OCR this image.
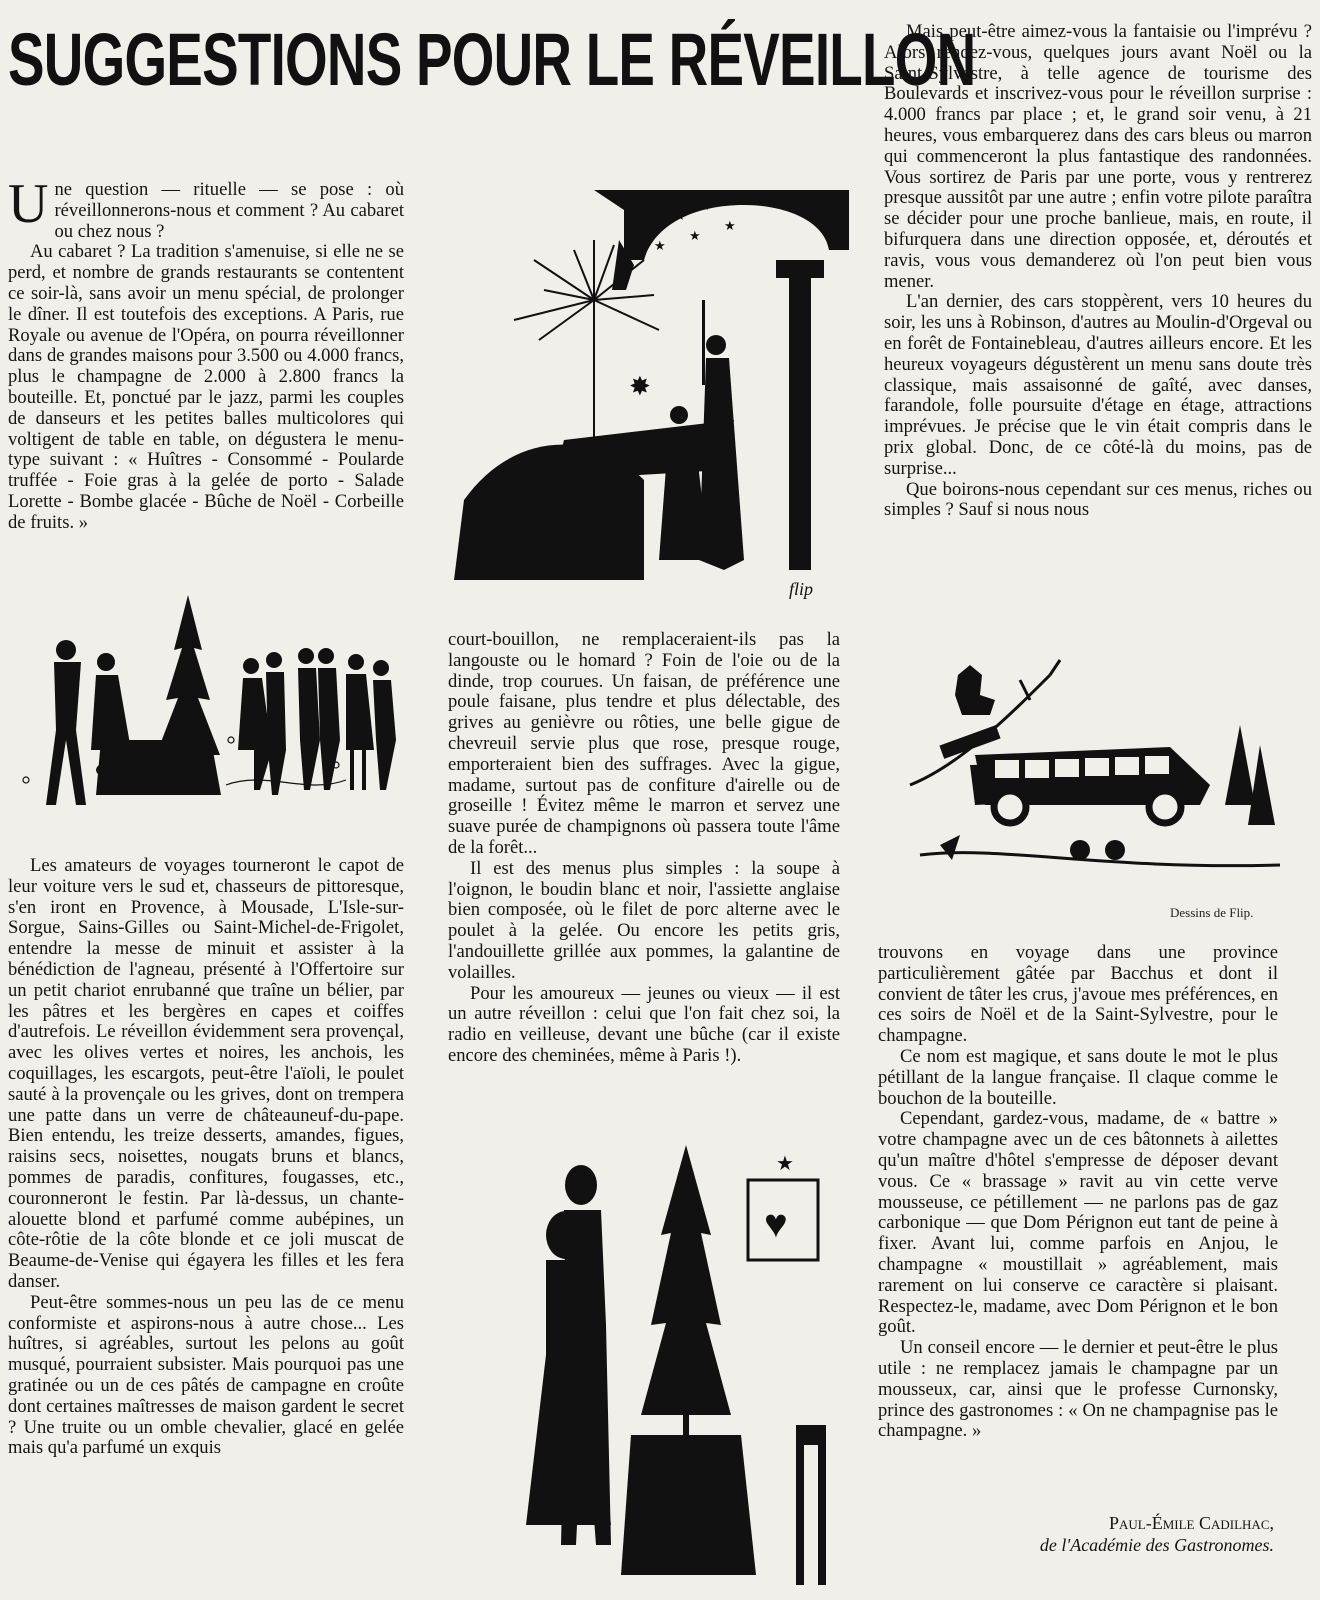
SUGGESTIONS POUR LE RÉVEILLON

Une question — rituelle — se pose : où réveillonnerons-nous et comment ? Au cabaret ou chez nous ?

Au cabaret ? La tradition s'amenuise, si elle ne se perd, et nombre de grands restaurants se contentent ce soir-là, sans avoir un menu spécial, de prolonger le dîner. Il est toutefois des exceptions. A Paris, rue Royale ou avenue de l'Opéra, on pourra réveillonner dans de grandes maisons pour 3.500 ou 4.000 francs, plus le champagne de 2.000 à 2.800 francs la bouteille. Et, ponctué par le jazz, parmi les couples de danseurs et les petites balles multicolores qui voltigent de table en table, on dégustera le menu-type suivant : « Huîtres - Consommé - Poularde truffée - Foie gras à la gelée de porto - Salade Lorette - Bombe glacée - Bûche de Noël - Corbeille de fruits. »

Les amateurs de voyages tourneront le capot de leur voiture vers le sud et, chasseurs de pittoresque, s'en iront en Provence, à Mousade, L'Isle-sur-Sorgue, Sains-Gilles ou Saint-Michel-de-Frigolet, entendre la messe de minuit et assister à la bénédiction de l'agneau, présenté à l'Offertoire sur un petit chariot enrubanné que traîne un bélier, par les pâtres et les bergères en capes et coiffes d'autrefois. Le réveillon évidemment sera provençal, avec les olives vertes et noires, les anchois, les coquillages, les escargots, peut-être l'aïoli, le poulet sauté à la provençale ou les grives, dont on trempera une patte dans un verre de châteauneuf-du-pape. Bien entendu, les treize desserts, amandes, figues, raisins secs, noisettes, nougats bruns et blancs, pommes de paradis, confitures, fougasses, etc., couronneront le festin. Par là-dessus, un chante-alouette blond et parfumé comme aubépines, un côte-rôtie de la côte blonde et ce joli muscat de Beaume-de-Venise qui égayera les filles et les fera danser.

Peut-être sommes-nous un peu las de ce menu conformiste et aspirons-nous à autre chose... Les huîtres, si agréables, surtout les pelons au goût musqué, pourraient subsister. Mais pourquoi pas une gratinée ou un de ces pâtés de campagne en croûte dont certaines maîtresses de maison gardent le secret ? Une truite ou un omble chevalier, glacé en gelée mais qu'a parfumé un exquis

★
★
★
★
★
✸
flip

court-bouillon, ne remplaceraient-ils pas la langouste ou le homard ? Foin de l'oie ou de la dinde, trop courues. Un faisan, de préférence une poule faisane, plus tendre et plus délectable, des grives au genièvre ou rôties, une belle gigue de chevreuil servie plus que rose, presque rouge, emporteraient bien des suffrages. Avec la gigue, madame, surtout pas de confiture d'airelle ou de groseille ! Évitez même le marron et servez une suave purée de champignons où passera toute l'âme de la forêt...

Il est des menus plus simples : la soupe à l'oignon, le boudin blanc et noir, l'assiette anglaise bien composée, où le filet de porc alterne avec le poulet à la gelée. Ou encore les petits gris, l'andouillette grillée aux pommes, la galantine de volailles.

Pour les amoureux — jeunes ou vieux — il est un autre réveillon : celui que l'on fait chez soi, la radio en veilleuse, devant une bûche (car il existe encore des cheminées, même à Paris !).

♥
★

Mais peut-être aimez-vous la fantaisie ou l'imprévu ? Alors rendez-vous, quelques jours avant Noël ou la Saint-Sylvestre, à telle agence de tourisme des Boulevards et inscrivez-vous pour le réveillon surprise : 4.000 francs par place ; et, le grand soir venu, à 21 heures, vous embarquerez dans des cars bleus ou marron qui commenceront la plus fantastique des randonnées. Vous sortirez de Paris par une porte, vous y rentrerez presque aussitôt par une autre ; enfin votre pilote paraîtra se décider pour une proche banlieue, mais, en route, il bifurquera dans une direction opposée, et, déroutés et ravis, vous vous demanderez où l'on peut bien vous mener.

L'an dernier, des cars stoppèrent, vers 10 heures du soir, les uns à Robinson, d'autres au Moulin-d'Orgeval ou en forêt de Fontainebleau, d'autres ailleurs encore. Et les heureux voyageurs dégustèrent un menu sans doute très classique, mais assaisonné de gaîté, avec danses, farandole, folle poursuite d'étage en étage, attractions imprévues. Je précise que le vin était compris dans le prix global. Donc, de ce côté-là du moins, pas de surprise...

Que boirons-nous cependant sur ces menus, riches ou simples ? Sauf si nous nous

Dessins de Flip.

trouvons en voyage dans une province particulièrement gâtée par Bacchus et dont il convient de tâter les crus, j'avoue mes préférences, en ces soirs de Noël et de la Saint-Sylvestre, pour le champagne.

Ce nom est magique, et sans doute le mot le plus pétillant de la langue française. Il claque comme le bouchon de la bouteille.

Cependant, gardez-vous, madame, de « battre » votre champagne avec un de ces bâtonnets à ailettes qu'un maître d'hôtel s'empresse de déposer devant vous. Ce « brassage » ravit au vin cette verve mousseuse, ce pétillement — ne parlons pas de gaz carbonique — que Dom Pérignon eut tant de peine à fixer. Avant lui, comme parfois en Anjou, le champagne « moustillait » agréablement, mais rarement on lui conserve ce caractère si plaisant. Respectez-le, madame, avec Dom Pérignon et le bon goût.

Un conseil encore — le dernier et peut-être le plus utile : ne remplacez jamais le champagne par un mousseux, car, ainsi que le professe Curnonsky, prince des gastronomes : « On ne champagnise pas le champagne. »

Paul-Émile Cadilhac,
de l'Académie des Gastronomes.
